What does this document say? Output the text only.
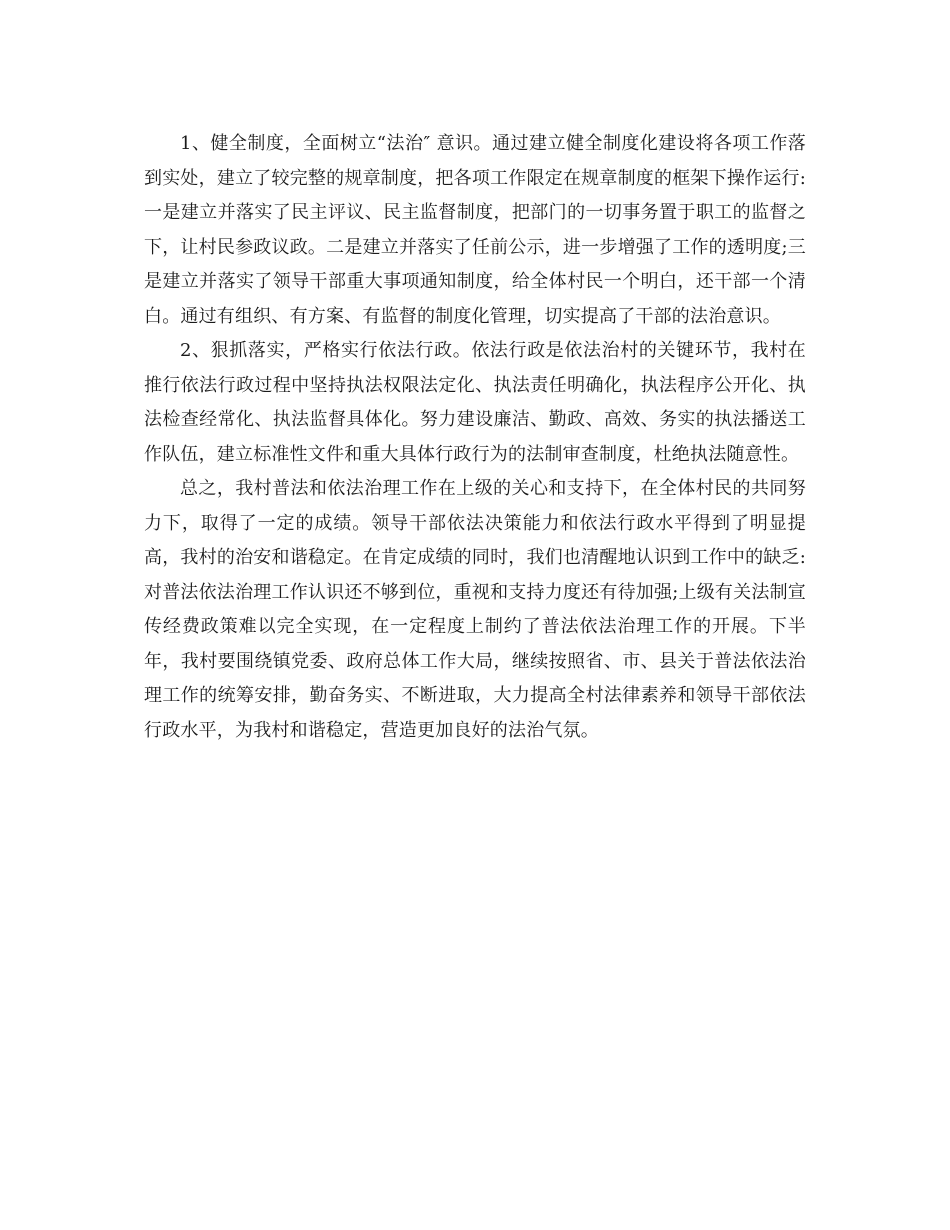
1、健全制度，全面树立“法治″ 意识。通过建立健全制度化建设将各项工作落到实处，建立了较完整的规章制度，把各项工作限定在规章制度的框架下操作运行:一是建立并落实了民主评议、民主监督制度，把部门的一切事务置于职工的监督之下，让村民参政议政。二是建立并落实了任前公示，进一步增强了工作的透明度;三是建立并落实了领导干部重大事项通知制度，给全体村民一个明白，还干部一个清白。通过有组织、有方案、有监督的制度化管理，切实提高了干部的法治意识。

2、狠抓落实，严格实行依法行政。依法行政是依法治村的关键环节，我村在推行依法行政过程中坚持执法权限法定化、执法责任明确化，执法程序公开化、执法检查经常化、执法监督具体化。努力建设廉洁、勤政、高效、务实的执法播送工作队伍，建立标准性文件和重大具体行政行为的法制审查制度，杜绝执法随意性。

总之，我村普法和依法治理工作在上级的关心和支持下，在全体村民的共同努力下，取得了一定的成绩。领导干部依法决策能力和依法行政水平得到了明显提高，我村的治安和谐稳定。在肯定成绩的同时，我们也清醒地认识到工作中的缺乏:对普法依法治理工作认识还不够到位，重视和支持力度还有待加强;上级有关法制宣传经费政策难以完全实现，在一定程度上制约了普法依法治理工作的开展。下半年，我村要围绕镇党委、政府总体工作大局，继续按照省、市、县关于普法依法治理工作的统筹安排，勤奋务实、不断进取，大力提高全村法律素养和领导干部依法行政水平，为我村和谐稳定，营造更加良好的法治气氛。
